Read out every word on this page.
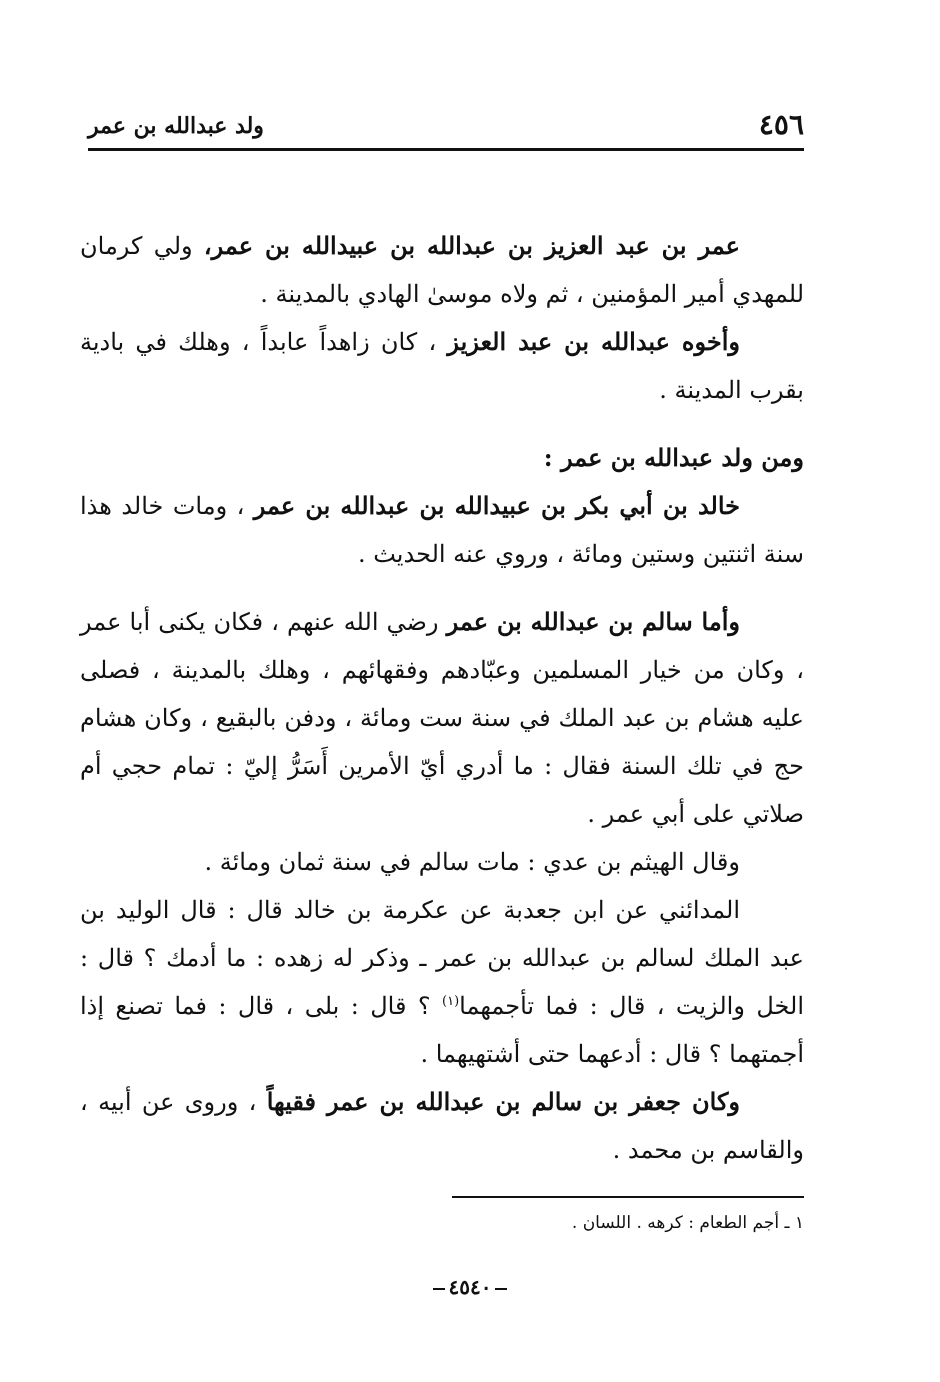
٤٥٦
ولد عبدالله بن عمر

عمر بن عبد العزيز بن عبدالله بن عبيدالله بن عمر، ولي كرمان للمهدي أمير المؤمنين ، ثم ولاه موسىٰ الهادي بالمدينة .

وأخوه عبدالله بن عبد العزيز ، كان زاهداً عابداً ، وهلك في بادية بقرب المدينة .

ومن ولد عبدالله بن عمر :

خالد بن أبي بكر بن عبيدالله بن عبدالله بن عمر ، ومات خالد هذا سنة اثنتين وستين ومائة ، وروي عنه الحديث .

وأما سالم بن عبدالله بن عمر رضي الله عنهم ، فكان يكنى أبا عمر ، وكان من خيار المسلمين وعبّادهم وفقهائهم ، وهلك بالمدينة ، فصلى عليه هشام بن عبد الملك في سنة ست ومائة ، ودفن بالبقيع ، وكان هشام حج في تلك السنة فقال : ما أدري أيّ الأمرين أَسَرُّ إليّ : تمام حجي أم صلاتي على أبي عمر .

وقال الهيثم بن عدي : مات سالم في سنة ثمان ومائة .

المدائني عن ابن جعدبة عن عكرمة بن خالد قال : قال الوليد بن عبد الملك لسالم بن عبدالله بن عمر ـ وذكر له زهده : ما أدمك ؟ قال : الخل والزيت ، قال : فما تأجمهما$^{(١)}$ ؟ قال : بلى ، قال : فما تصنع إذا أجمتهما ؟ قال : أدعهما حتى أشتهيهما .

وكان جعفر بن سالم بن عبدالله بن عمر فقيهاً ، وروى عن أبيه ، والقاسم بن محمد .

١ ـ أجم الطعام : كرهه . اللسان .
٤٥٤٠
